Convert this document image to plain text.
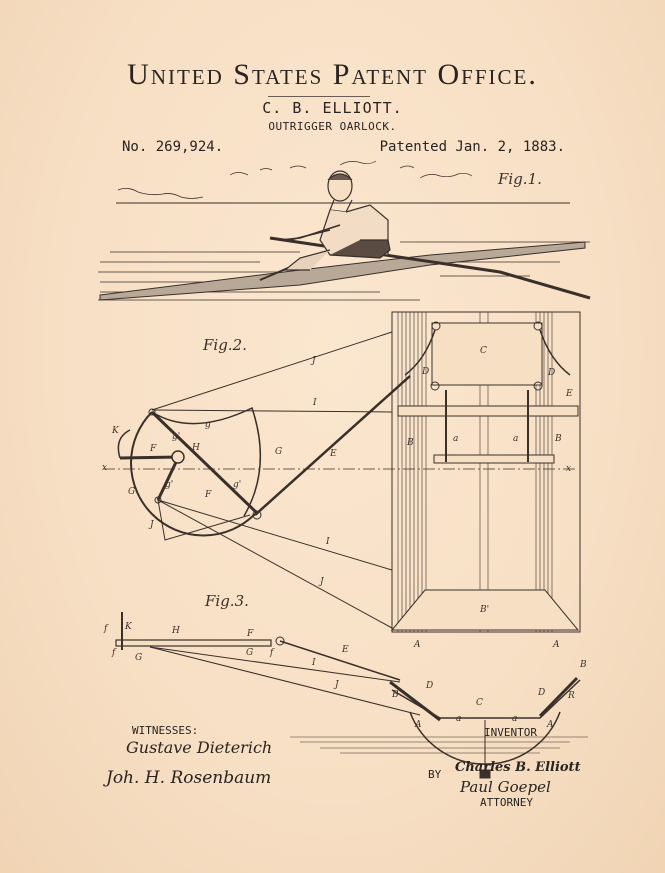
United States Patent Office.
C. B. ELLIOTT.
OUTRIGGER OARLOCK.
No. 269,924.	Patented Jan. 2, 1883.
Fig.1.
Fig.2.
Fig.3.
J
I
g
K
F
g'
H	G	E
x
G
g'
F
g'
J
I
J
C
D	D
E
B	a	a	B
x
B'
A	A
f K	H	F
f G	G f	E
I
J
B
D
C
D	R
A
a	a
A
B
WITNESSES:
Gustave Dieterich
Joh. H. Rosenbaum
INVENTOR
BY Charles B. Elliott
Paul Goepel
ATTORNEY
